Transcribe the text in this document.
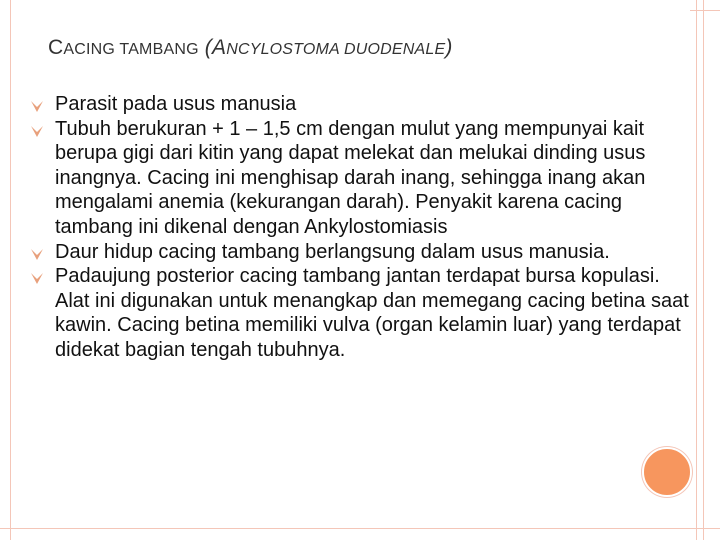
CACING TAMBANG (ANCYLOSTOMA DUODENALE)

Parasit pada usus manusia

Tubuh berukuran + 1 – 1,5 cm dengan mulut yang mempunyai kait berupa gigi dari kitin yang dapat melekat dan melukai dinding usus inangnya. Cacing ini menghisap darah inang, sehingga inang akan mengalami anemia (kekurangan darah). Penyakit karena cacing tambang ini dikenal dengan Ankylostomiasis

Daur hidup cacing tambang berlangsung dalam usus manusia.

Padaujung posterior cacing tambang jantan terdapat bursa kopulasi. Alat ini digunakan untuk menangkap dan memegang cacing betina saat kawin. Cacing betina memiliki vulva (organ kelamin luar) yang terdapat didekat bagian tengah tubuhnya.
